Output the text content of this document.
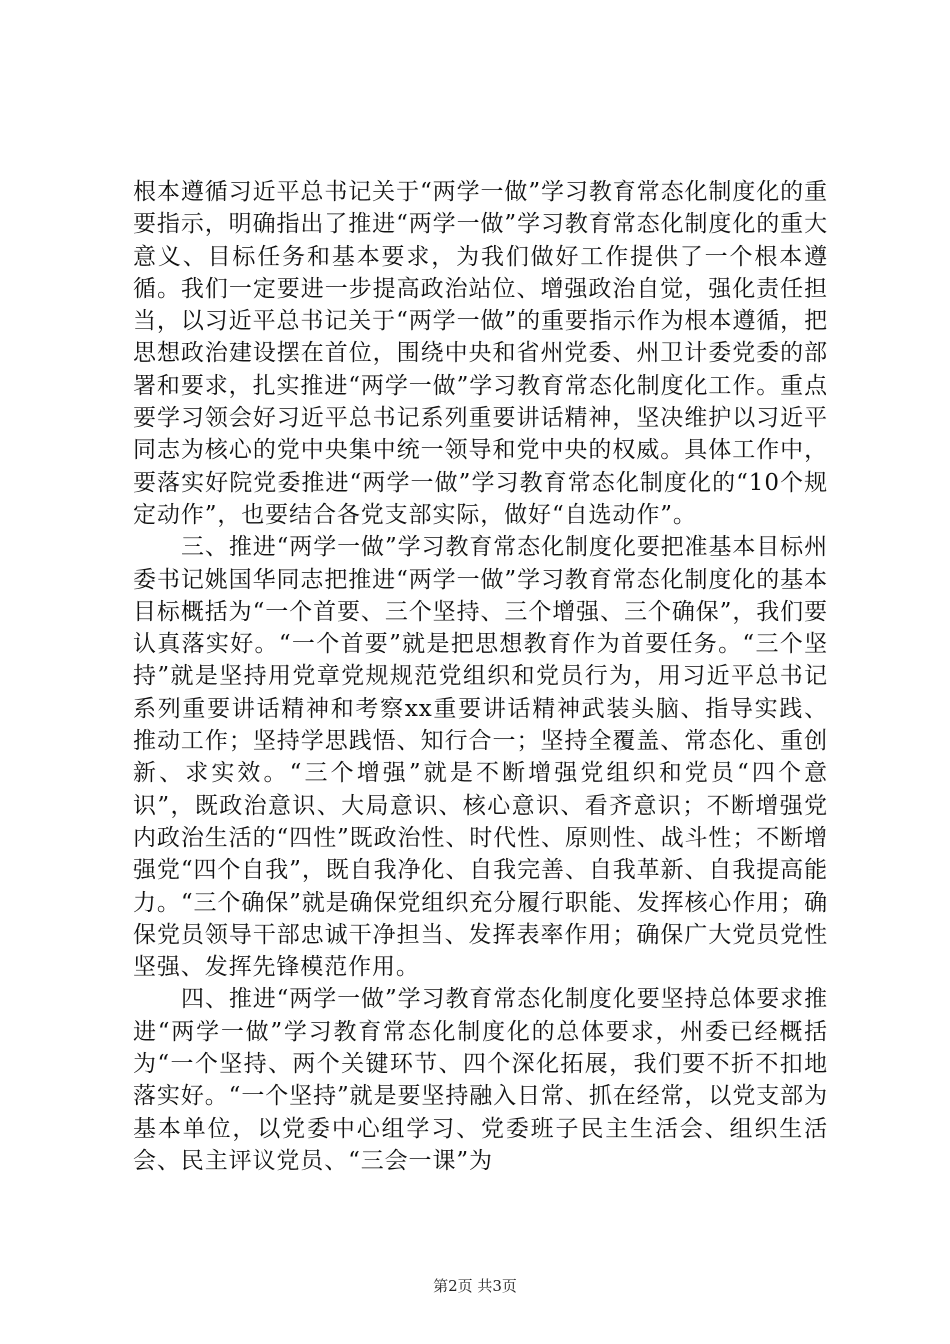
根本遵循习近平总书记关于“两学一做”学习教育常态化制度化的重要指示，明确指出了推进“两学一做”学习教育常态化制度化的重大意义、目标任务和基本要求，为我们做好工作提供了一个根本遵循。我们一定要进一步提高政治站位、增强政治自觉，强化责任担当，以习近平总书记关于“两学一做”的重要指示作为根本遵循，把思想政治建设摆在首位，围绕中央和省州党委、州卫计委党委的部署和要求，扎实推进“两学一做”学习教育常态化制度化工作。重点要学习领会好习近平总书记系列重要讲话精神，坚决维护以习近平同志为核心的党中央集中统一领导和党中央的权威。具体工作中，要落实好院党委推进“两学一做”学习教育常态化制度化的“10个规定动作”，也要结合各党支部实际，做好“自选动作”。

三、推进“两学一做”学习教育常态化制度化要把准基本目标州委书记姚国华同志把推进“两学一做”学习教育常态化制度化的基本目标概括为“一个首要、三个坚持、三个增强、三个确保”，我们要认真落实好。“一个首要”就是把思想教育作为首要任务。“三个坚持”就是坚持用党章党规规范党组织和党员行为，用习近平总书记系列重要讲话精神和考察xx重要讲话精神武装头脑、指导实践、推动工作；坚持学思践悟、知行合一；坚持全覆盖、常态化、重创新、求实效。“三个增强”就是不断增强党组织和党员“四个意识”，既政治意识、大局意识、核心意识、看齐意识；不断增强党内政治生活的“四性”既政治性、时代性、原则性、战斗性；不断增强党“四个自我”，既自我净化、自我完善、自我革新、自我提高能力。“三个确保”就是确保党组织充分履行职能、发挥核心作用；确保党员领导干部忠诚干净担当、发挥表率作用；确保广大党员党性坚强、发挥先锋模范作用。

四、推进“两学一做”学习教育常态化制度化要坚持总体要求推进“两学一做”学习教育常态化制度化的总体要求，州委已经概括为“一个坚持、两个关键环节、四个深化拓展，我们要不折不扣地落实好。“一个坚持”就是要坚持融入日常、抓在经常，以党支部为基本单位，以党委中心组学习、党委班子民主生活会、组织生活会、民主评议党员、“三会一课”为

第2页 共3页
